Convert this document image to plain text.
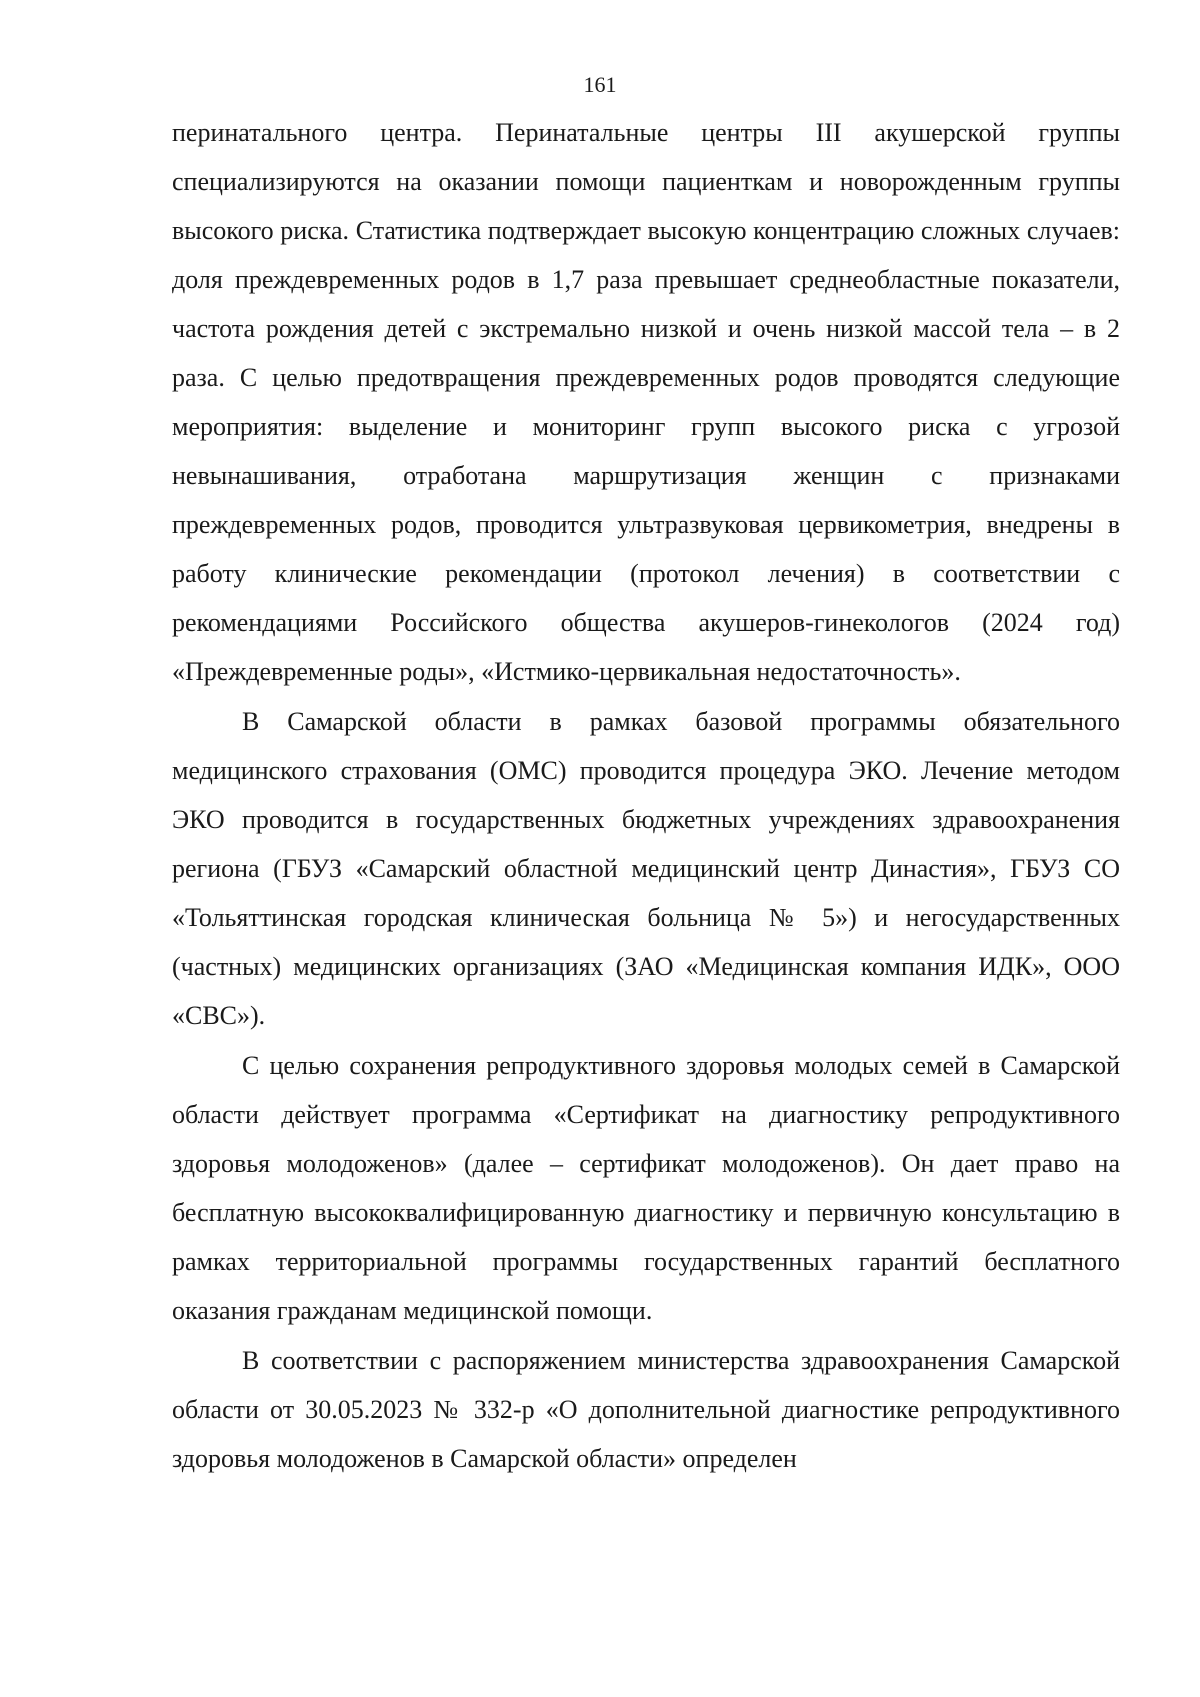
161

перинатального центра. Перинатальные центры III акушерской группы специализируются на оказании помощи пациенткам и новорожденным группы высокого риска. Статистика подтверждает высокую концентрацию сложных случаев: доля преждевременных родов в 1,7 раза превышает среднеобластные показатели, частота рождения детей с экстремально низкой и очень низкой массой тела – в 2 раза. С целью предотвращения преждевременных родов проводятся следующие мероприятия: выделение и мониторинг групп высокого риска с угрозой невынашивания, отработана маршрутизация женщин с признаками преждевременных родов, проводится ультразвуковая цервикометрия, внедрены в работу клинические рекомендации (протокол лечения) в соответствии с рекомендациями Российского общества акушеров-гинекологов (2024 год) «Преждевременные роды», «Истмико-цервикальная недостаточность».

В Самарской области в рамках базовой программы обязательного медицинского страхования (ОМС) проводится процедура ЭКО. Лечение методом ЭКО проводится в государственных бюджетных учреждениях здравоохранения региона (ГБУЗ «Самарский областной медицинский центр Династия», ГБУЗ СО «Тольяттинская городская клиническая больница № 5») и негосударственных (частных) медицинских организациях (ЗАО «Медицинская компания ИДК», ООО «СВС»).

С целью сохранения репродуктивного здоровья молодых семей в Самарской области действует программа «Сертификат на диагностику репродуктивного здоровья молодоженов» (далее – сертификат молодоженов). Он дает право на бесплатную высококвалифицированную диагностику и первичную консультацию в рамках территориальной программы государственных гарантий бесплатного оказания гражданам медицинской помощи.

В соответствии с распоряжением министерства здравоохранения Самарской области от 30.05.2023 № 332-р «О дополнительной диагностике репродуктивного здоровья молодоженов в Самарской области» определен
